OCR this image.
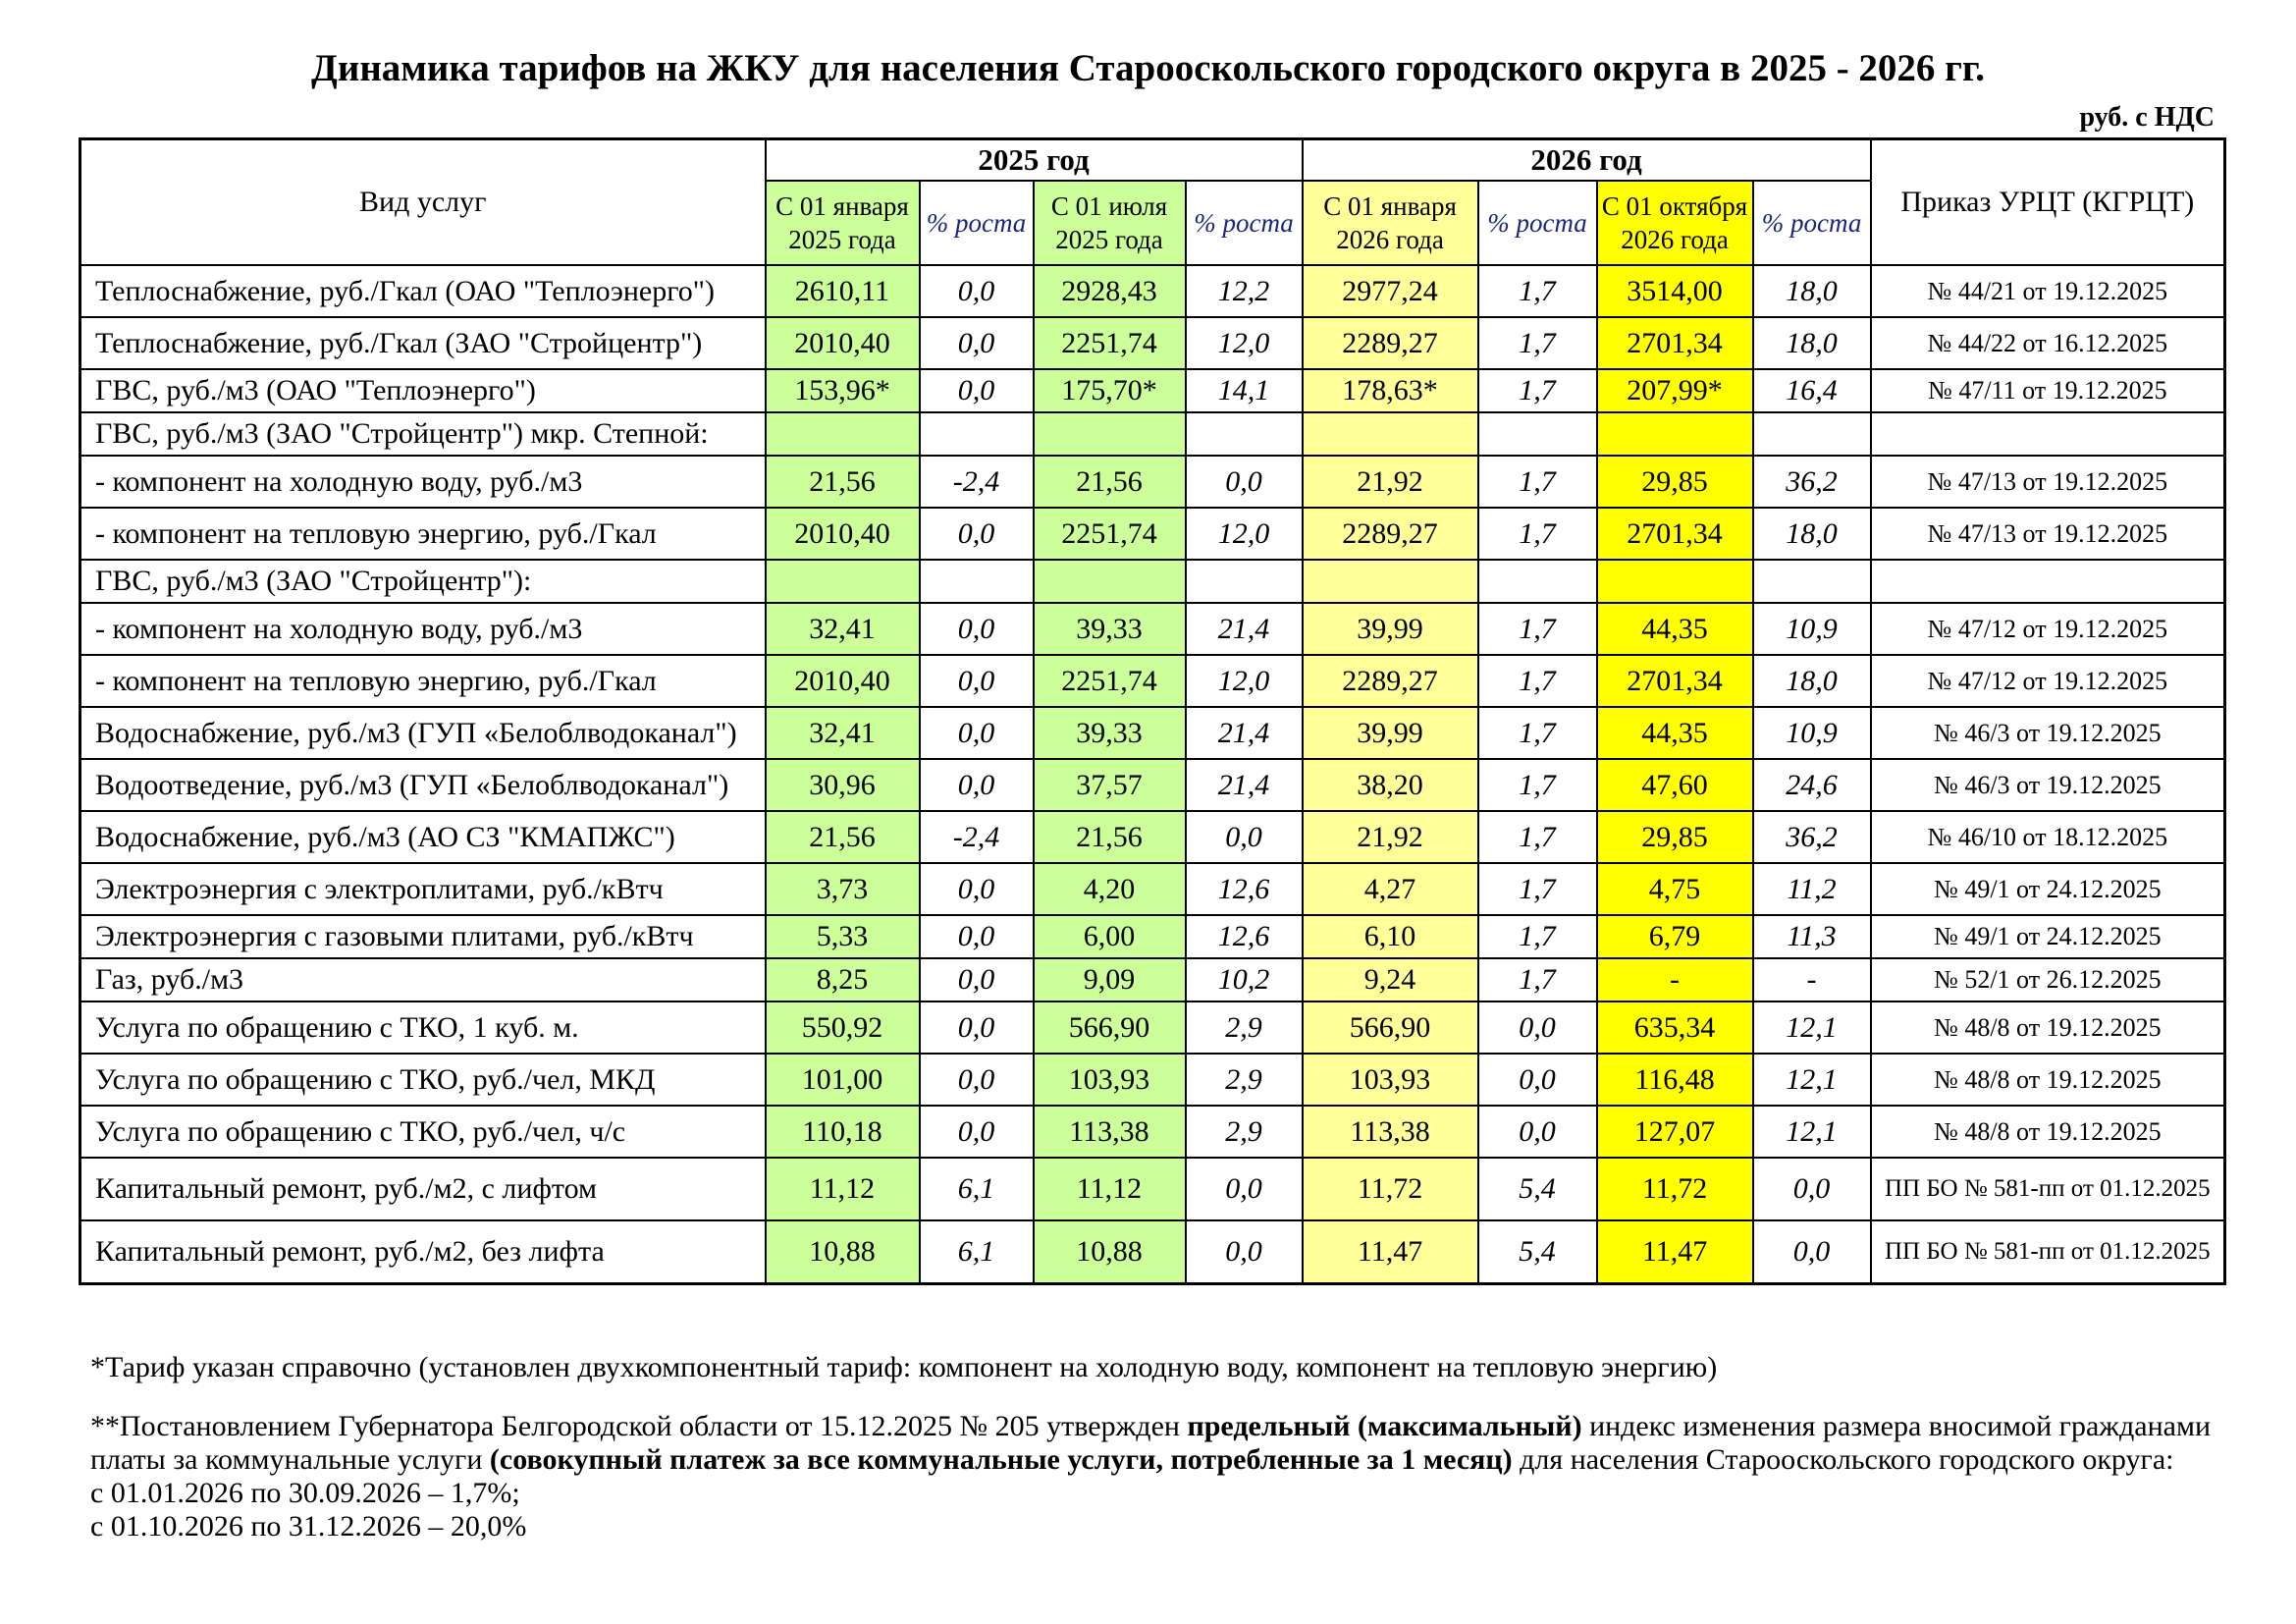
Динамика тарифов на ЖКУ для населения Старооскольского городского округа в 2025 - 2026 гг.
руб. с НДС
Вид услуг	2025 год				2026 год				Приказ УРЦТ (КГРЦТ)
	С 01 января 2025 года	% роста	С 01 июля 2025 года	% роста	С 01 января 2026 года	% роста	С 01 октября 2026 года	% роста	
Теплоснабжение, руб./Гкал (ОАО "Теплоэнерго")	2610,11	0,0	2928,43	12,2	2977,24	1,7	3514,00	18,0	№ 44/21 от 19.12.2025
Теплоснабжение, руб./Гкал (ЗАО "Стройцентр")	2010,40	0,0	2251,74	12,0	2289,27	1,7	2701,34	18,0	№ 44/22 от 16.12.2025
ГВС, руб./м3 (ОАО "Теплоэнерго")	153,96*	0,0	175,70*	14,1	178,63*	1,7	207,99*	16,4	№ 47/11 от 19.12.2025
ГВС, руб./м3 (ЗАО "Стройцентр") мкр. Степной:									
- компонент на холодную воду, руб./м3	21,56	-2,4	21,56	0,0	21,92	1,7	29,85	36,2	№ 47/13 от 19.12.2025
- компонент на тепловую энергию, руб./Гкал	2010,40	0,0	2251,74	12,0	2289,27	1,7	2701,34	18,0	№ 47/13 от 19.12.2025
ГВС, руб./м3 (ЗАО "Стройцентр"):									
- компонент на холодную воду, руб./м3	32,41	0,0	39,33	21,4	39,99	1,7	44,35	10,9	№ 47/12 от 19.12.2025
- компонент на тепловую энергию, руб./Гкал	2010,40	0,0	2251,74	12,0	2289,27	1,7	2701,34	18,0	№ 47/12 от 19.12.2025
Водоснабжение, руб./м3 (ГУП «Белоблводоканал")	32,41	0,0	39,33	21,4	39,99	1,7	44,35	10,9	№ 46/3 от 19.12.2025
Водоотведение, руб./м3 (ГУП «Белоблводоканал")	30,96	0,0	37,57	21,4	38,20	1,7	47,60	24,6	№ 46/3 от 19.12.2025
Водоснабжение, руб./м3 (АО СЗ "КМАПЖС")	21,56	-2,4	21,56	0,0	21,92	1,7	29,85	36,2	№ 46/10 от 18.12.2025
Электроэнергия с электроплитами, руб./кВтч	3,73	0,0	4,20	12,6	4,27	1,7	4,75	11,2	№ 49/1 от 24.12.2025
Электроэнергия с газовыми плитами, руб./кВтч	5,33	0,0	6,00	12,6	6,10	1,7	6,79	11,3	№ 49/1 от 24.12.2025
Газ, руб./м3	8,25	0,0	9,09	10,2	9,24	1,7	-	-	№ 52/1 от 26.12.2025
Услуга по обращению с ТКО, 1 куб. м.	550,92	0,0	566,90	2,9	566,90	0,0	635,34	12,1	№ 48/8 от 19.12.2025
Услуга по обращению с ТКО, руб./чел, МКД	101,00	0,0	103,93	2,9	103,93	0,0	116,48	12,1	№ 48/8 от 19.12.2025
Услуга по обращению с ТКО, руб./чел, ч/с	110,18	0,0	113,38	2,9	113,38	0,0	127,07	12,1	№ 48/8 от 19.12.2025
Капитальный ремонт, руб./м2, с лифтом	11,12	6,1	11,12	0,0	11,72	5,4	11,72	0,0	ПП БО № 581-пп от 01.12.2025
Капитальный ремонт, руб./м2, без лифта	10,88	6,1	10,88	0,0	11,47	5,4	11,47	0,0	ПП БО № 581-пп от 01.12.2025

*Тариф указан справочно (установлен двухкомпонентный тариф: компонент на холодную воду, компонент на тепловую энергию)

**Постановлением Губернатора Белгородской области от 15.12.2025 № 205 утвержден предельный (максимальный) индекс изменения размера вносимой гражданами платы за коммунальные услуги (совокупный платеж за все коммунальные услуги, потребленные за 1 месяц) для населения Старооскольского городского округа:

с 01.01.2026 по 30.09.2026 – 1,7%;

с 01.10.2026 по 31.12.2026 – 20,0%
